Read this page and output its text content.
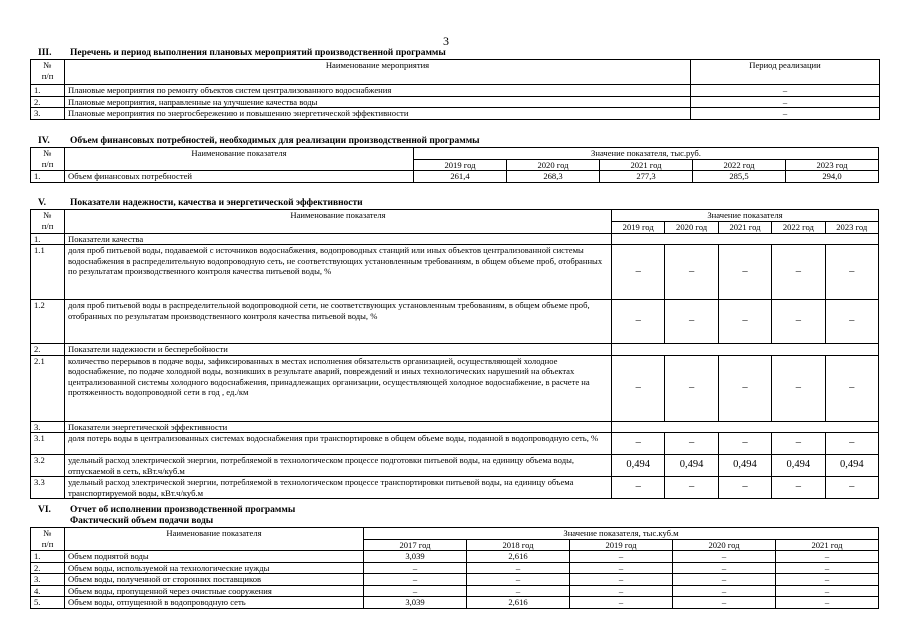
3
III. Перечень и период выполнения плановых мероприятий производственной программы
№
п/п	Наименование мероприятия	Период реализации
1.	Плановые мероприятия по ремонту объектов систем централизованного водоснабжения	–
2.	Плановые мероприятия, направленные на улучшение качества воды	–
3.	Плановые мероприятия по энергосбережению и повышению энергетической эффективности	–
IV. Объем финансовых потребностей, необходимых для реализации производственной программы
№
п/п	Наименование показателя	Значение показателя, тыс.руб.				
		2019 год	2020 год	2021 год	2022 год	2023 год
1.	Объем финансовых потребностей	261,4	268,3	277,3	285,5	294,0
V.	Показатели надежности, качества и энергетической эффективности
№
п/п	Наименование показателя	Значение показателя				
		2019 год	2020 год	2021 год	2022 год	2023 год
1.	Показатели качества					
1.1	доля проб питьевой воды, подаваемой с источников водоснабжения, водопроводных станций или иных объектов централизованной системы водоснабжения в распределительную водопроводную сеть, не соответствующих установленным требованиям, в общем объеме проб, отобранных по результатам производственного контроля качества питьевой воды, %	–	–	–	–	–
1.2	доля проб питьевой воды в распределительной водопроводной сети, не соответствующих установленным требованиям, в общем объеме проб, отобранных по результатам производственного контроля качества питьевой воды, %	–	–	–	–	–
2.	Показатели надежности и бесперебойности					
2.1	количество перерывов в подаче воды, зафиксированных в местах исполнения обязательств организацией, осуществляющей холодное водоснабжение, по подаче холодной воды, возникших в результате аварий, повреждений и иных технологических нарушений на объектах централизованной системы холодного водоснабжения, принадлежащих организации, осуществляющей холодное водоснабжение, в расчете на протяженность водопроводной сети в год , ед./км	–	–	–	–	–
3.	Показатели энергетической эффективности					
3.1	доля потерь воды в централизованных системах водоснабжения при транспортировке в общем объеме воды, поданной в водопроводную сеть, %	–	–	–	–	–
3.2	удельный расход электрической энергии, потребляемой в технологическом процессе подготовки питьевой воды, на единицу объема воды, отпускаемой в сеть, кВт.ч/куб.м	0,494	0,494	0,494	0,494	0,494
3.3	удельный расход электрической энергии, потребляемой в технологическом процессе транспортировки питьевой воды, на единицу объема транспортируемой воды, кВт.ч/куб.м	–	–	–	–	–
VI. Отчет об исполнении производственной программы
Фактический объем подачи воды
№
п/п	Наименование показателя	Значение показателя, тыс.куб.м				
		2017 год	2018 год	2019 год	2020 год	2021 год
1.	Объем поднятой воды	3,039	2,616	–	–	–
2.	Объем воды, используемой на технологические нужды	–	–	–	–	–
3.	Объем воды, полученной от сторонних поставщиков	–	–	–	–	–
4.	Объем воды, пропущенной через очистные сооружения	–	–	–	–	–
5.	Объем воды, отпущенной в водопроводную сеть	3,039	2,616	–	–	–
